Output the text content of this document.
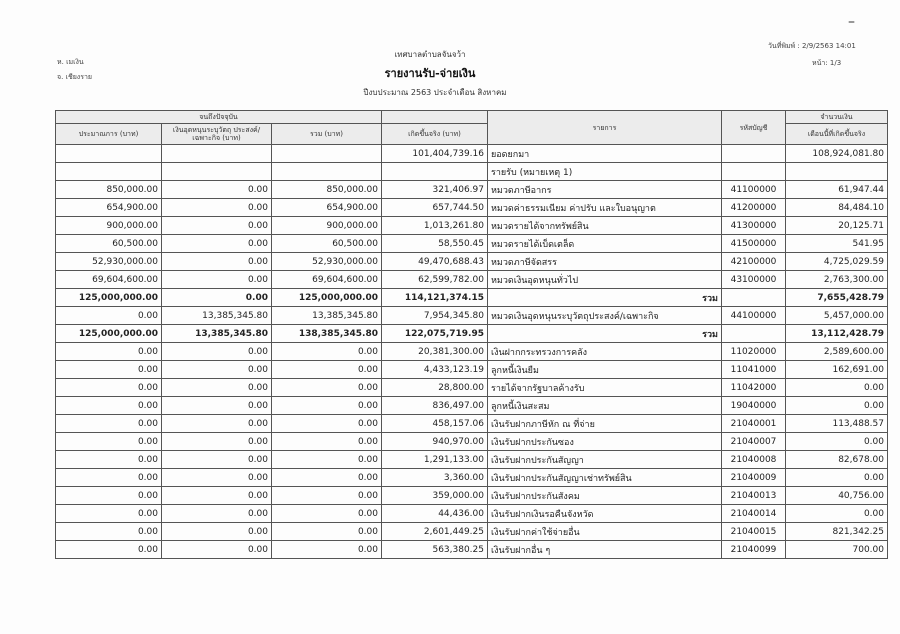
–
ห. เมเงิน
จ. เชียงราย
เทศบาลตำบลจันจว้า
รายงานรับ-จ่ายเงิน
ปีงบประมาณ 2563 ประจำเดือน สิงหาคม
วันที่พิมพ์ : 2/9/2563 14:01
หน้า: 1/3
จนถึงปัจจุบัน				รายการ	รหัสบัญชี	จำนวนเงิน
ประมาณการ (บาท)	เงินอุดหนุนระบุวัตถุ ประสงค์/เฉพาะกิจ (บาท)	รวม (บาท)	เกิดขึ้นจริง (บาท)			เดือนนี้ที่เกิดขึ้นจริง
			101,404,739.16	ยอดยกมา		108,924,081.80
				รายรับ (หมายเหตุ 1)		
850,000.00	0.00	850,000.00	321,406.97	หมวดภาษีอากร	41100000	61,947.44
654,900.00	0.00	654,900.00	657,744.50	หมวดค่าธรรมเนียม ค่าปรับ และใบอนุญาต	41200000	84,484.10
900,000.00	0.00	900,000.00	1,013,261.80	หมวดรายได้จากทรัพย์สิน	41300000	20,125.71
60,500.00	0.00	60,500.00	58,550.45	หมวดรายได้เบ็ดเตล็ด	41500000	541.95
52,930,000.00	0.00	52,930,000.00	49,470,688.43	หมวดภาษีจัดสรร	42100000	4,725,029.59
69,604,600.00	0.00	69,604,600.00	62,599,782.00	หมวดเงินอุดหนุนทั่วไป	43100000	2,763,300.00
125,000,000.00	0.00	125,000,000.00	114,121,374.15	รวม		7,655,428.79
0.00	13,385,345.80	13,385,345.80	7,954,345.80	หมวดเงินอุดหนุนระบุวัตถุประสงค์/เฉพาะกิจ	44100000	5,457,000.00
125,000,000.00	13,385,345.80	138,385,345.80	122,075,719.95	รวม		13,112,428.79
0.00	0.00	0.00	20,381,300.00	เงินฝากกระทรวงการคลัง	11020000	2,589,600.00
0.00	0.00	0.00	4,433,123.19	ลูกหนี้เงินยืม	11041000	162,691.00
0.00	0.00	0.00	28,800.00	รายได้จากรัฐบาลค้างรับ	11042000	0.00
0.00	0.00	0.00	836,497.00	ลูกหนี้เงินสะสม	19040000	0.00
0.00	0.00	0.00	458,157.06	เงินรับฝากภาษีหัก ณ ที่จ่าย	21040001	113,488.57
0.00	0.00	0.00	940,970.00	เงินรับฝากประกันซอง	21040007	0.00
0.00	0.00	0.00	1,291,133.00	เงินรับฝากประกันสัญญา	21040008	82,678.00
0.00	0.00	0.00	3,360.00	เงินรับฝากประกันสัญญาเช่าทรัพย์สิน	21040009	0.00
0.00	0.00	0.00	359,000.00	เงินรับฝากประกันสังคม	21040013	40,756.00
0.00	0.00	0.00	44,436.00	เงินรับฝากเงินรอคืนจังหวัด	21040014	0.00
0.00	0.00	0.00	2,601,449.25	เงินรับฝากค่าใช้จ่ายอื่น	21040015	821,342.25
0.00	0.00	0.00	563,380.25	เงินรับฝากอื่น ๆ	21040099	700.00
